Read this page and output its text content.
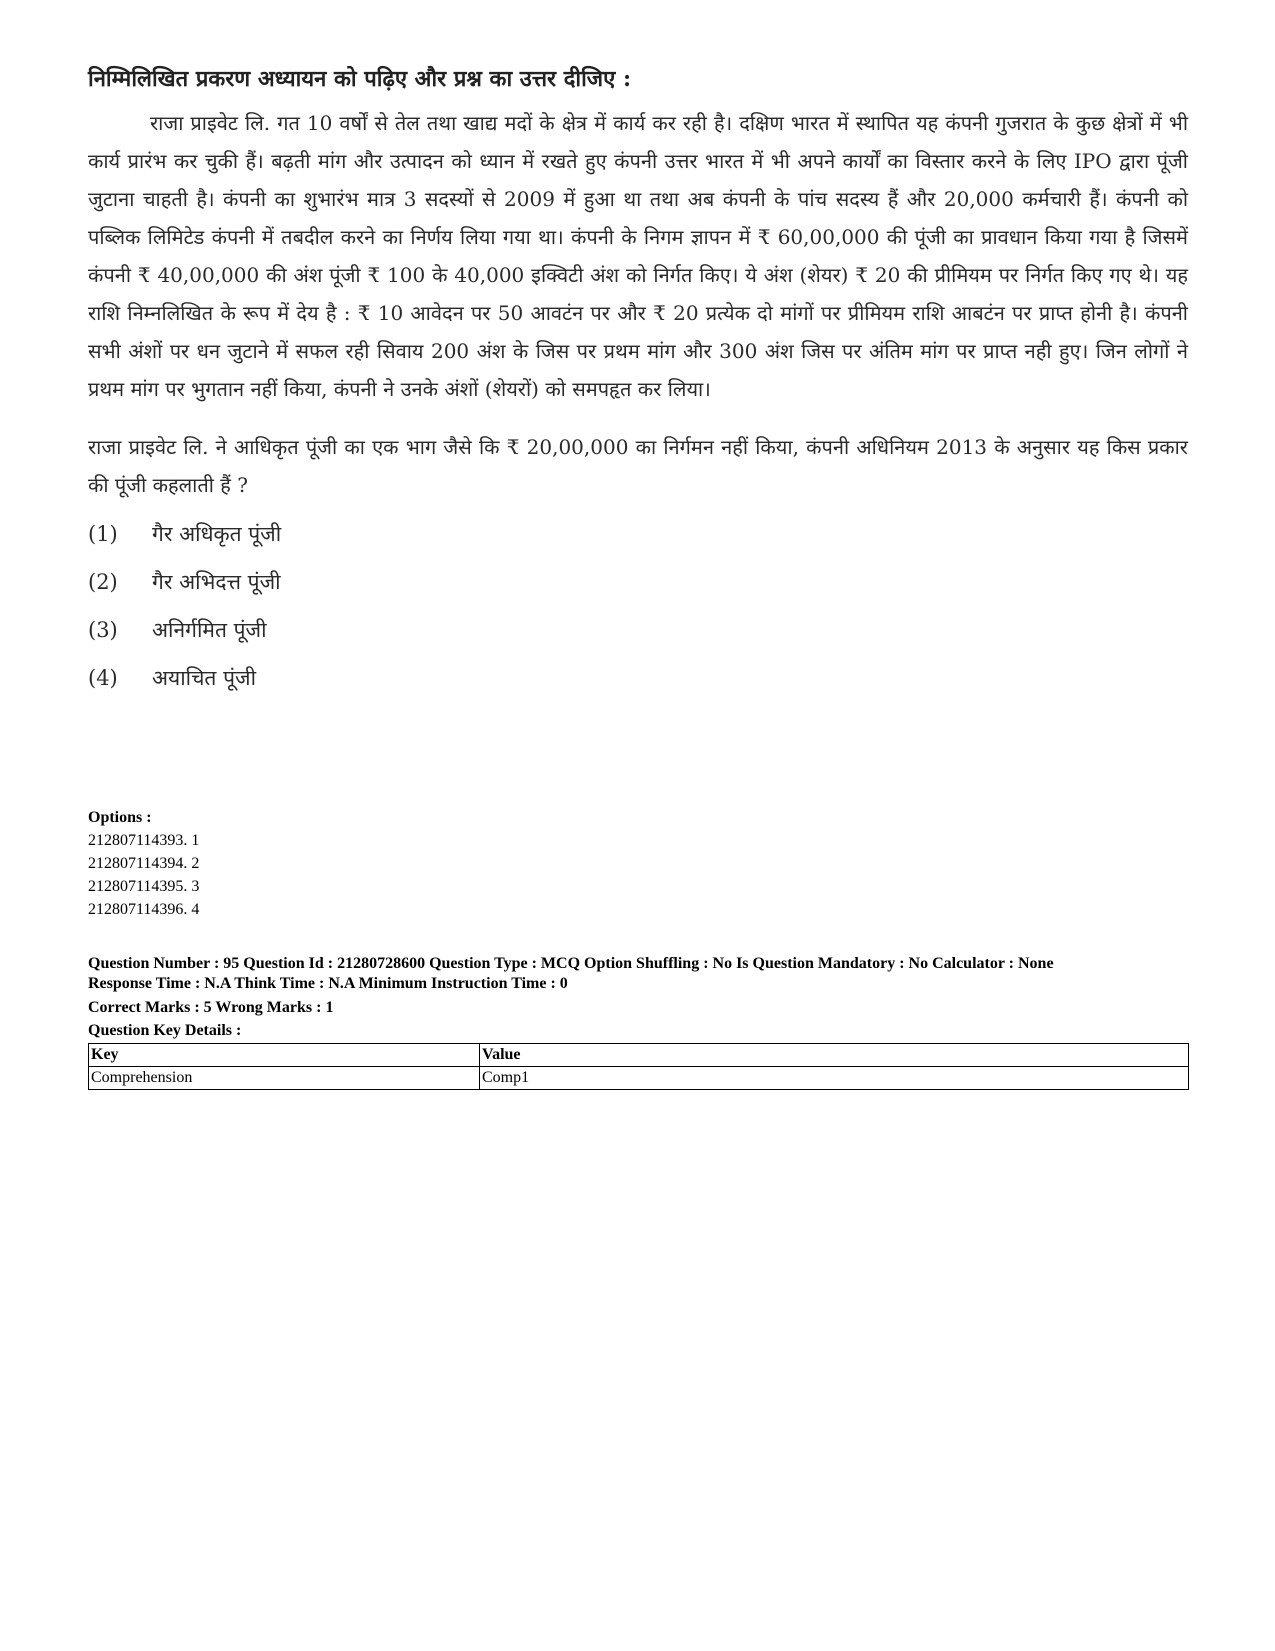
निम्मिलिखित प्रकरण अध्यायन को पढ़िए और प्रश्न का उत्तर दीजिए :

राजा प्राइवेट लि. गत 10 वर्षों से तेल तथा खाद्य मदों के क्षेत्र में कार्य कर रही है। दक्षिण भारत में स्थापित यह कंपनी गुजरात के कुछ क्षेत्रों में भी कार्य प्रारंभ कर चुकी हैं। बढ़ती मांग और उत्पादन को ध्यान में रखते हुए कंपनी उत्तर भारत में भी अपने कार्यों का विस्तार करने के लिए IPO द्वारा पूंजी जुटाना चाहती है। कंपनी का शुभारंभ मात्र 3 सदस्यों से 2009 में हुआ था तथा अब कंपनी के पांच सदस्य हैं और 20,000 कर्मचारी हैं। कंपनी को पब्लिक लिमिटेड कंपनी में तबदील करने का निर्णय लिया गया था। कंपनी के निगम ज्ञापन में ₹ 60,00,000 की पूंजी का प्रावधान किया गया है जिसमें कंपनी ₹ 40,00,000 की अंश पूंजी ₹ 100 के 40,000 इक्विटी अंश को निर्गत किए। ये अंश (शेयर) ₹ 20 की प्रीमियम पर निर्गत किए गए थे। यह राशि निम्नलिखित के रूप में देय है : ₹ 10 आवेदन पर 50 आवटंन पर और ₹ 20 प्रत्येक दो मांगों पर प्रीमियम राशि आबटंन पर प्राप्त होनी है। कंपनी सभी अंशों पर धन जुटाने में सफल रही सिवाय 200 अंश के जिस पर प्रथम मांग और 300 अंश जिस पर अंतिम मांग पर प्राप्त नही हुए। जिन लोगों ने प्रथम मांग पर भुगतान नहीं किया, कंपनी ने उनके अंशों (शेयरों) को समपहृत कर लिया।

राजा प्राइवेट लि. ने आधिकृत पूंजी का एक भाग जैसे कि ₹ 20,00,000 का निर्गमन नहीं किया, कंपनी अधिनियम 2013 के अनुसार यह किस प्रकार की पूंजी कहलाती हैं ?

(1)	गैर अधिकृत पूंजी
(2)	गैर अभिदत्त पूंजी
(3)	अनिर्गमित पूंजी
(4)	अयाचित पूंजी
Options :
212807114393. 1
212807114394. 2
212807114395. 3
212807114396. 4
Question Number : 95 Question Id : 21280728600 Question Type : MCQ Option Shuffling : No Is Question Mandatory : No Calculator : None
Response Time : N.A Think Time : N.A Minimum Instruction Time : 0
Correct Marks : 5 Wrong Marks : 1
Question Key Details :
Key	Value
Comprehension	Comp1
